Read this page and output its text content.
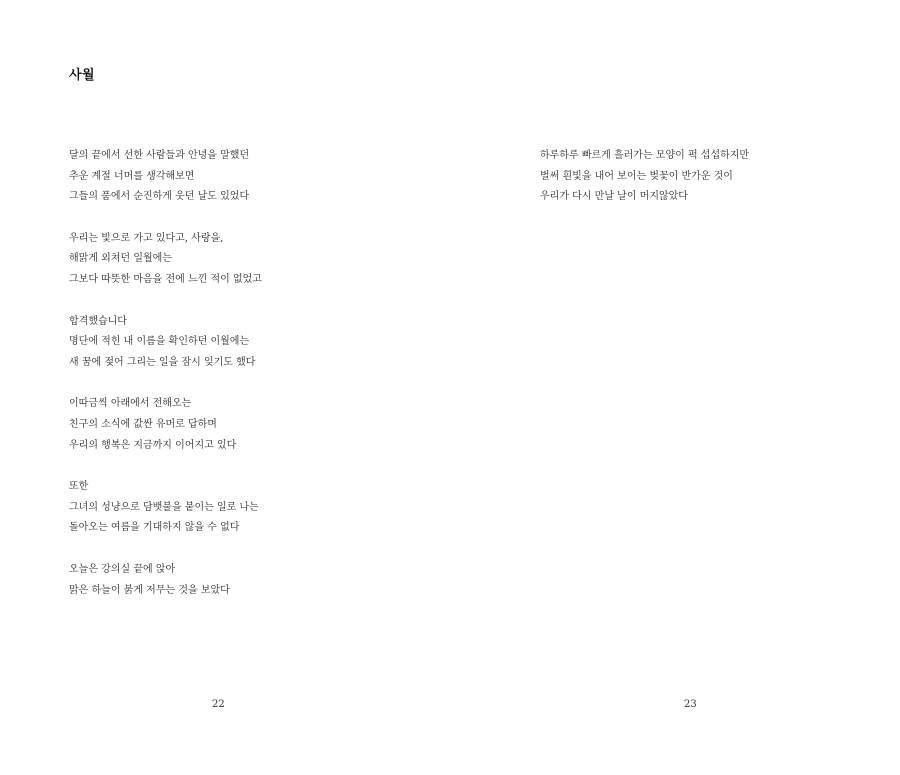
사월
달의 끝에서 선한 사람들과 안녕을 말했던
추운 계절 너머를 생각해보면
그들의 품에서 순진하게 웃던 날도 있었다
우리는 빛으로 가고 있다고, 사랑을,
해맑게 외쳐던 일월에는
그보다 따뜻한 마음을 전에 느낀 적이 없었고
합격했습니다
명단에 적힌 내 이름을 확인하던 이월에는
새 꿈에 젖어 그리는 일을 잠시 잊기도 했다
이따금씩 아래에서 전해오는
친구의 소식에 값싼 유머로 답하며
우리의 행복은 지금까지 이어지고 있다
또한
그녀의 성냥으로 담뱃불을 붙이는 일로 나는
돌아오는 여름을 기대하지 않을 수 없다
오늘은 강의실 끝에 앉아
맑은 하늘이 붉게 저무는 것을 보았다
22
하루하루 빠르게 흘러가는 모양이 퍽 섭섭하지만
벌써 흰빛을 내어 보이는 벚꽃이 반가운 것이
우리가 다시 만날 날이 머지않았다
23
